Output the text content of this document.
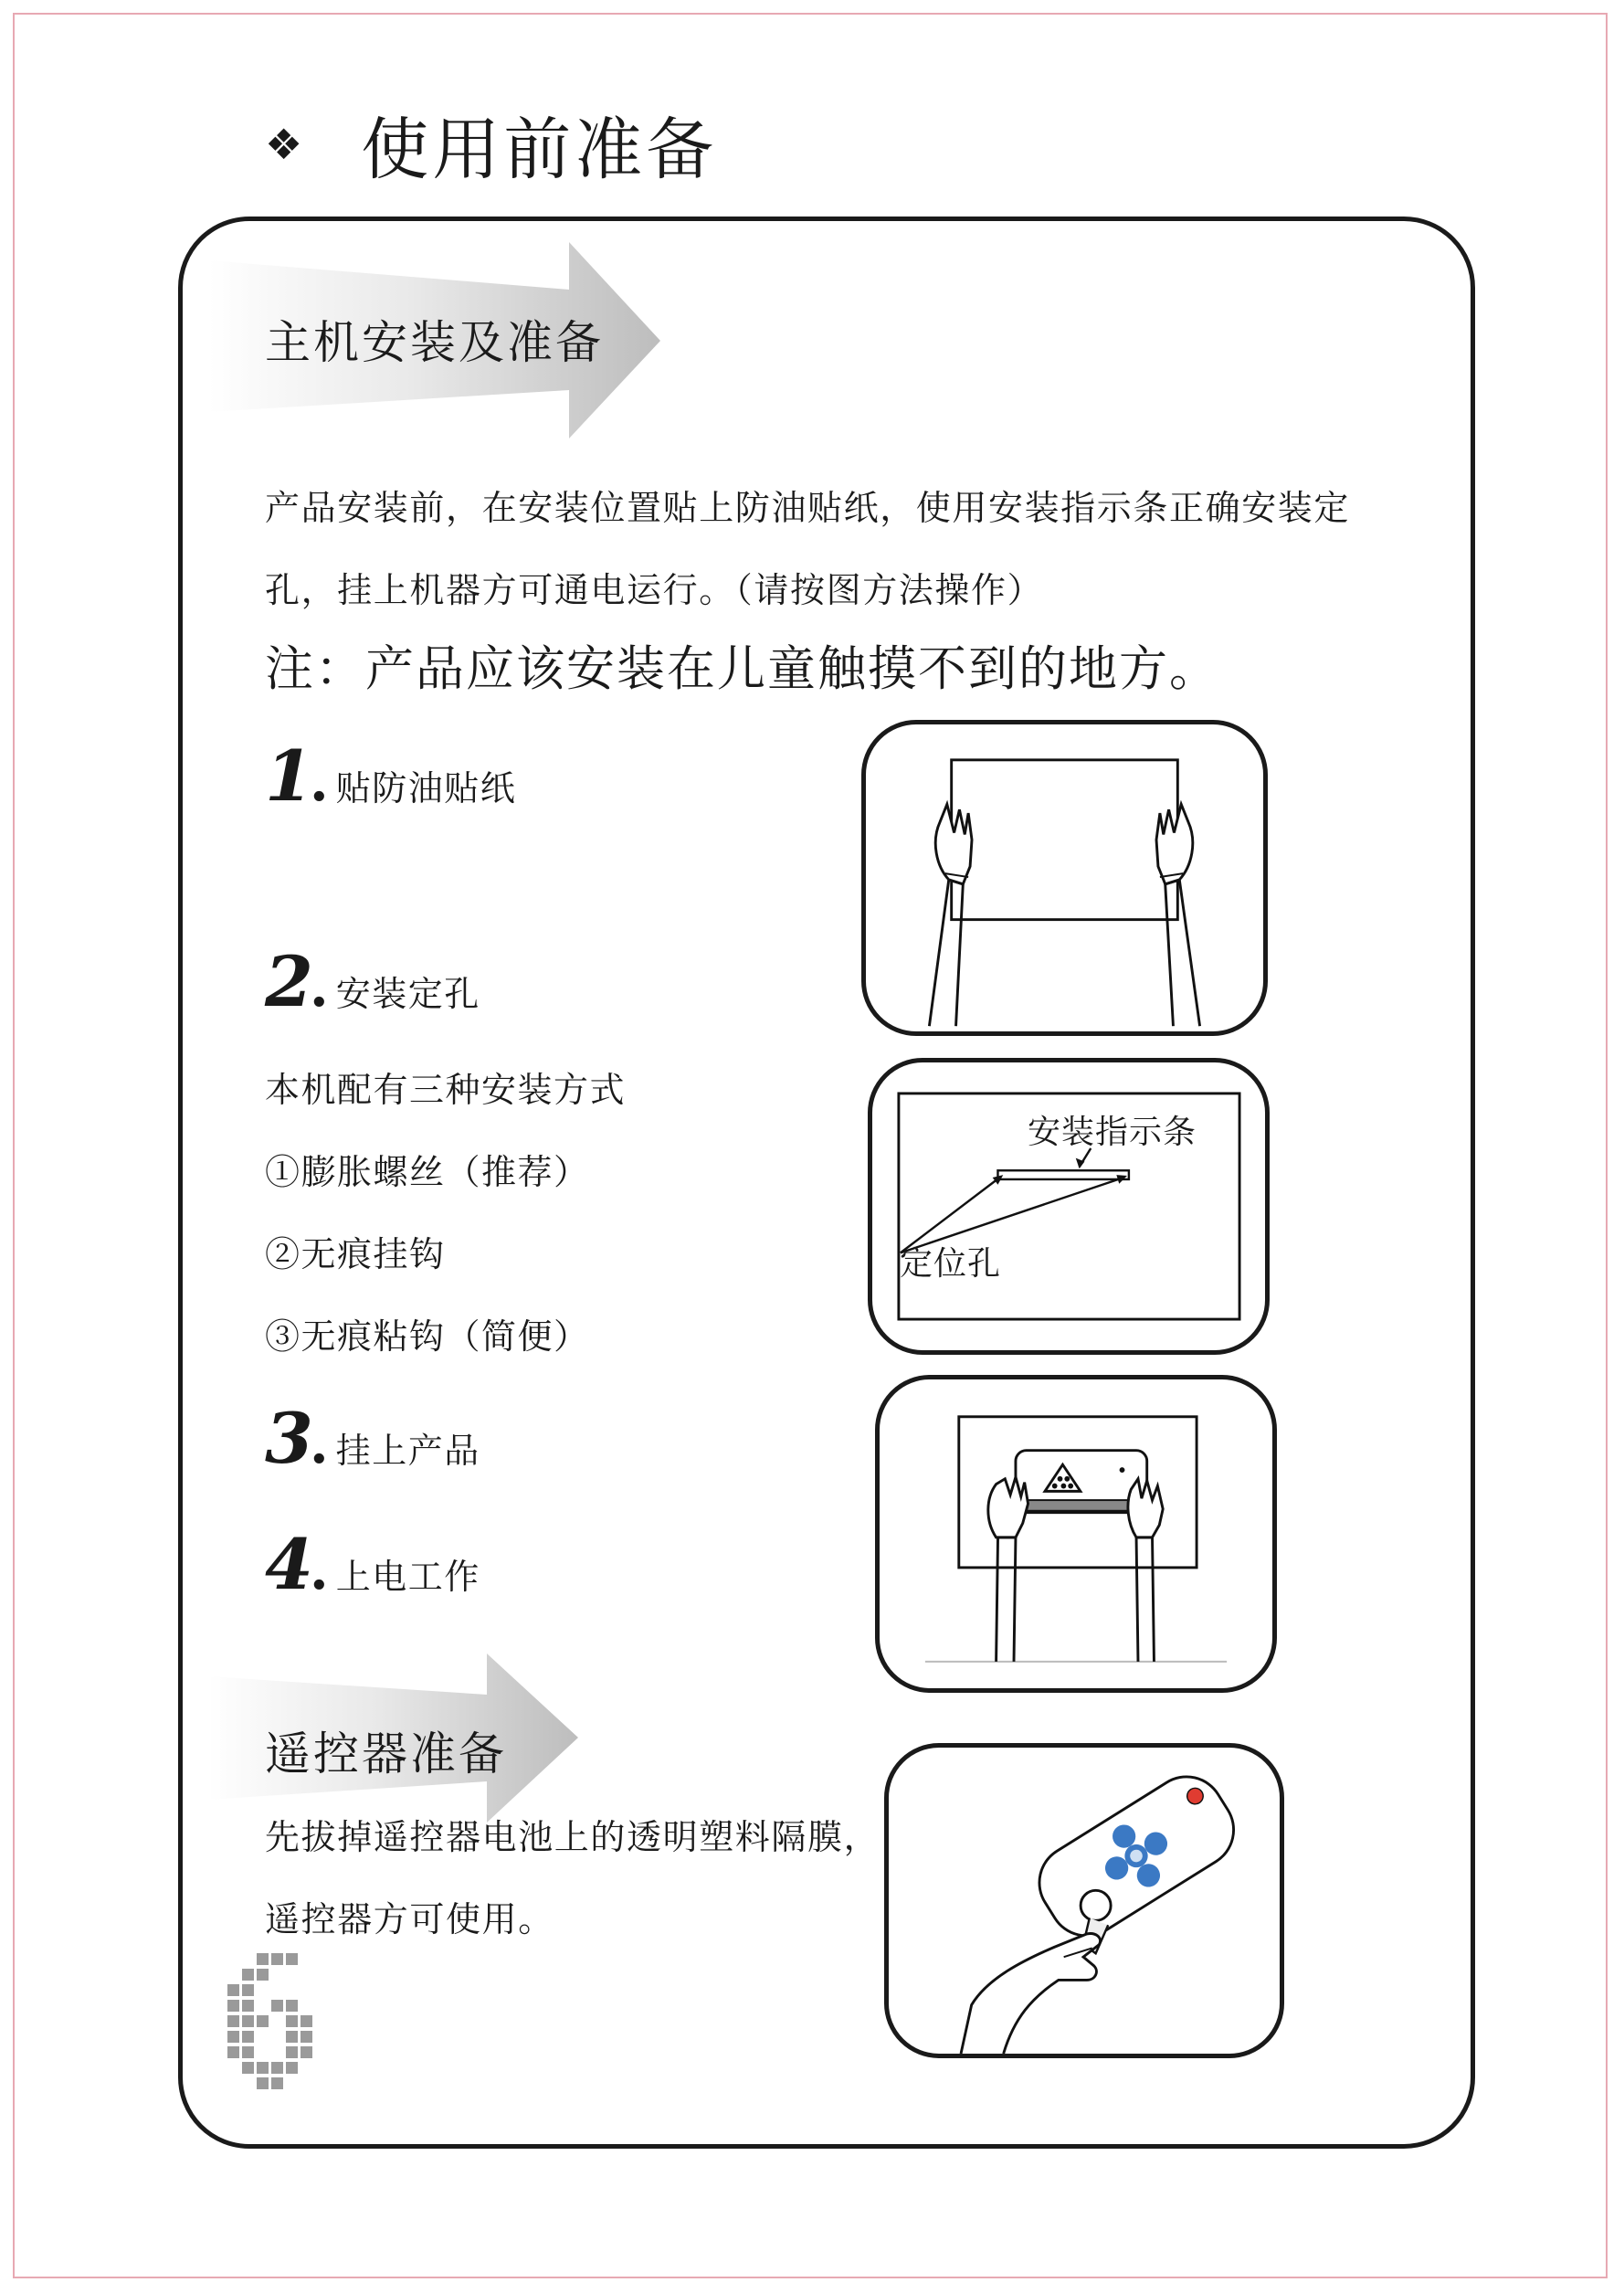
❖ 使用前准备
主机安装及准备
产品安装前，在安装位置贴上防油贴纸，使用安装指示条正确安装定
孔，挂上机器方可通电运行。（请按图方法操作）
注：产品应该安装在儿童触摸不到的地方。
1 . 贴防油贴纸
2 . 安装定孔
本机配有三种安装方式
①膨胀螺丝（推荐）
②无痕挂钩
③无痕粘钩（简便）
3 . 挂上产品
4 . 上电工作
安装指示条
定位孔
遥控器准备
先拔掉遥控器电池上的透明塑料隔膜，
遥控器方可使用。
